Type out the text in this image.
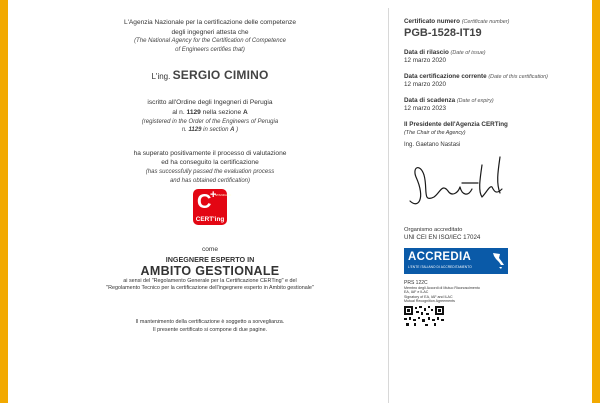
L'Agenzia Nazionale per la certificazione delle competenze

degli ingegneri attesta che

(The National Agency for the Certification of Competence

of Engineers certifies that)

L'ing. SERGIO CIMINO

iscritto all'Ordine degli Ingegneri di Perugia

al n. 1129 nella sezione A

(registered in the Order of the Engineers of Perugia

n. 1129 in section A )

ha superato positivamente il processo di valutazione

ed ha conseguito la certificazione

(has successfully passed the evaluation process

and has obtained certification)

C
+
STANDARD
CERT'ing

come

INGEGNERE ESPERTO IN

AMBITO GESTIONALE

ai sensi del "Regolamento Generale per la Certificazione CERTing" e del

"Regolamento Tecnico per la certificazione dell'ingegnere esperto in Ambito gestionale"

Il mantenimento della certificazione è soggetto a sorveglianza.

Il presente certificato si compone di due pagine.

Certificato numero (Certificate number)

PGB-1528-IT19

Data di rilascio (Date of issue)

12 marzo 2020

Data certificazione corrente (Date of this certification)

12 marzo 2020

Data di scadenza (Date of expiry)

12 marzo 2023

Il Presidente dell'Agenzia CERTing

(The Chair of the Agency)

Ing. Gaetano Nastasi

Organismo accreditato

UNI CEI EN ISO/IEC 17024

ACCREDIA
L'ENTE ITALIANO DI ACCREDITAMENTO

PRS 122C

Membro degli Accordi di Mutuo Riconoscimento

EA, IAF e ILAC

Signatory of EA, IAF and ILAC

Mutual Recognition Agreements
